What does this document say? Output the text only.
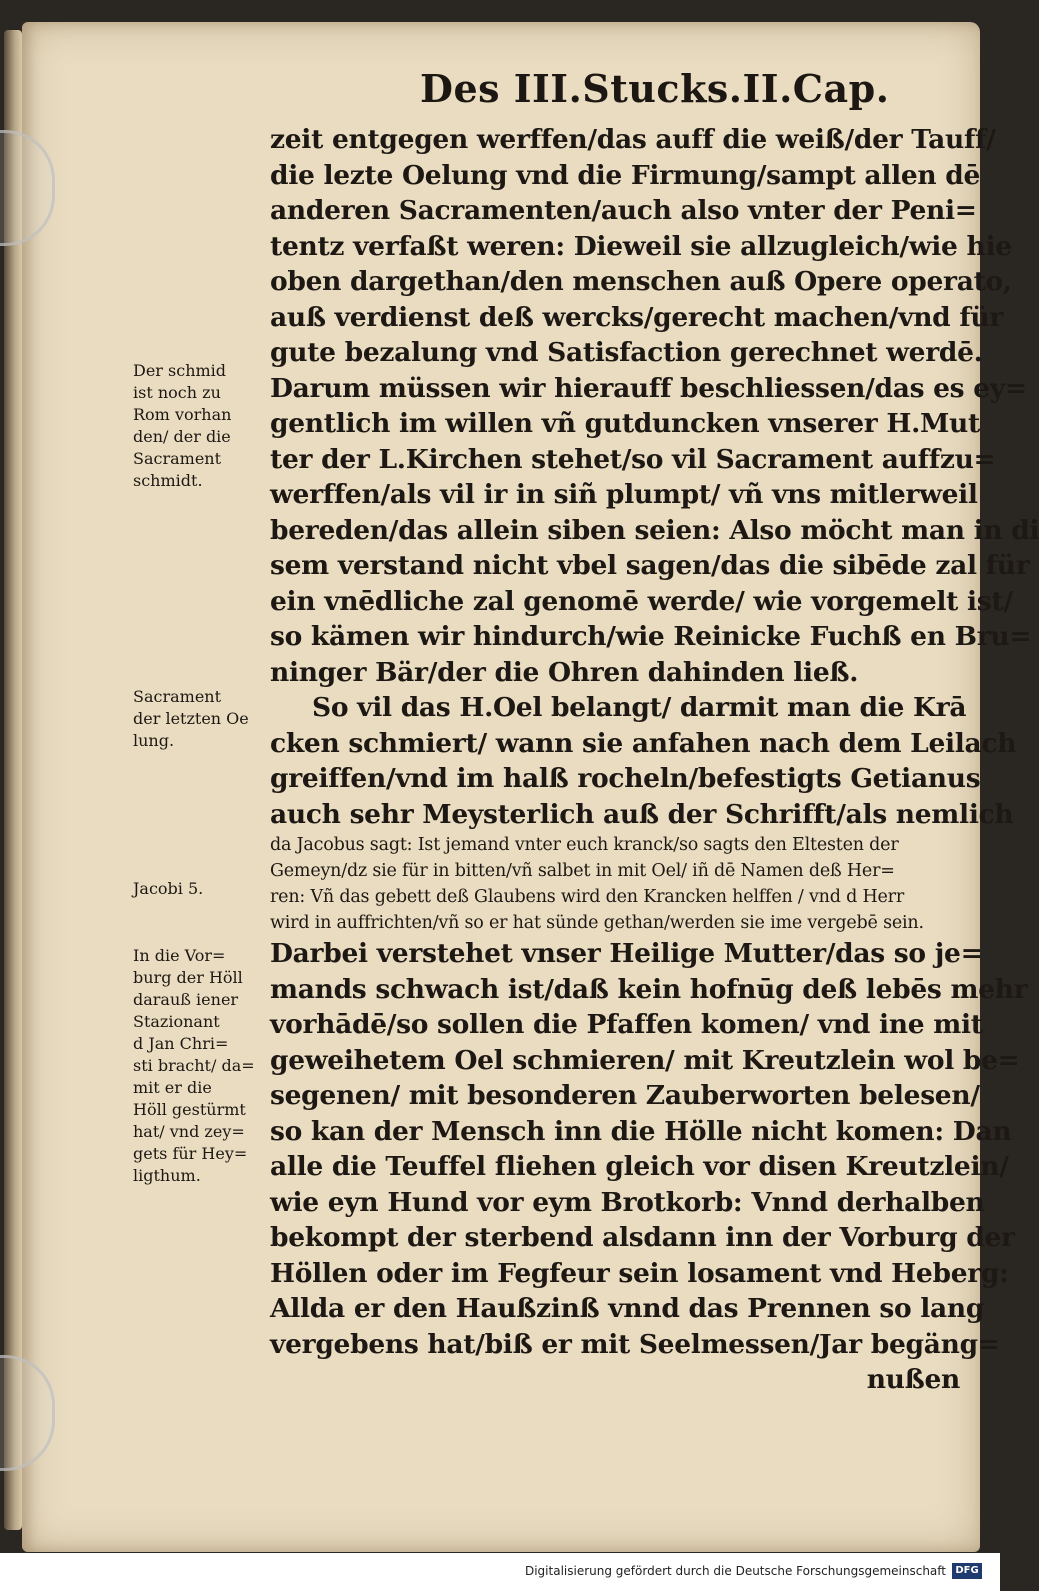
Des III.Stucks.II.Cap.
zeit entgegen werffen/das auff die weiß/der Tauff/
die lezte Oelung vnd die Firmung/sampt allen dē
anderen Sacramenten/auch also vnter der Peni=
tentz verfaßt weren: Dieweil sie allzugleich/wie hie
oben dargethan/den menschen auß Opere operato,
auß verdienst deß wercks/gerecht machen/vnd für
gute bezalung vnd Satisfaction gerechnet werdē.
Darum müssen wir hierauff beschliessen/das es ey=
gentlich im willen vñ gutduncken vnserer H.Mut
ter der L.Kirchen stehet/so vil Sacrament auffzu=
werffen/als vil ir in siñ plumpt/ vñ vns mitlerweil
bereden/das allein siben seien: Also möcht man in di
sem verstand nicht vbel sagen/das die sibēde zal für
ein vnēdliche zal genomē werde/ wie vorgemelt ist/
so kämen wir hindurch/wie Reinicke Fuchß en Bru=
ninger Bär/der die Ohren dahinden ließ.
So vil das H.Oel belangt/ darmit man die Krā
cken schmiert/ wann sie anfahen nach dem Leilach
greiffen/vnd im halß rocheln/befestigts Getianus
auch sehr Meysterlich auß der Schrifft/als nemlich
da Jacobus sagt: Ist jemand vnter euch kranck/so sagts den Eltesten der
Gemeyn/dz sie für in bitten/vñ salbet in mit Oel/ iñ dē Namen deß Her=
ren: Vñ das gebett deß Glaubens wird den Krancken helffen / vnd d Herr
wird in auffrichten/vñ so er hat sünde gethan/werden sie ime vergebē sein.
Darbei verstehet vnser Heilige Mutter/das so je=
mands schwach ist/daß kein hofnūg deß lebēs mehr
vorhādē/so sollen die Pfaffen komen/ vnd ine mit
geweihetem Oel schmieren/ mit Kreutzlein wol be=
segenen/ mit besonderen Zauberworten belesen/
so kan der Mensch inn die Hölle nicht komen: Dan
alle die Teuffel fliehen gleich vor disen Kreutzlein/
wie eyn Hund vor eym Brotkorb: Vnnd derhalben
bekompt der sterbend alsdann inn der Vorburg der
Höllen oder im Fegfeur sein losament vnd Heberg:
Allda er den Haußzinß vnnd das Prennen so lang
vergebens hat/biß er mit Seelmessen/Jar begäng=
nußen
Der schmid
ist noch zu
Rom vorhan
den/ der die
Sacrament
schmidt.
Sacrament
der letzten Oe
lung.
Jacobi 5.
In die Vor=
burg der Höll
darauß iener
Stazionant
d Jan Chri=
sti bracht/ da=
mit er die
Höll gestürmt
hat/ vnd zey=
gets für Hey=
ligthum.
Digitalisierung gefördert durch die Deutsche Forschungsgemeinschaft DFG
